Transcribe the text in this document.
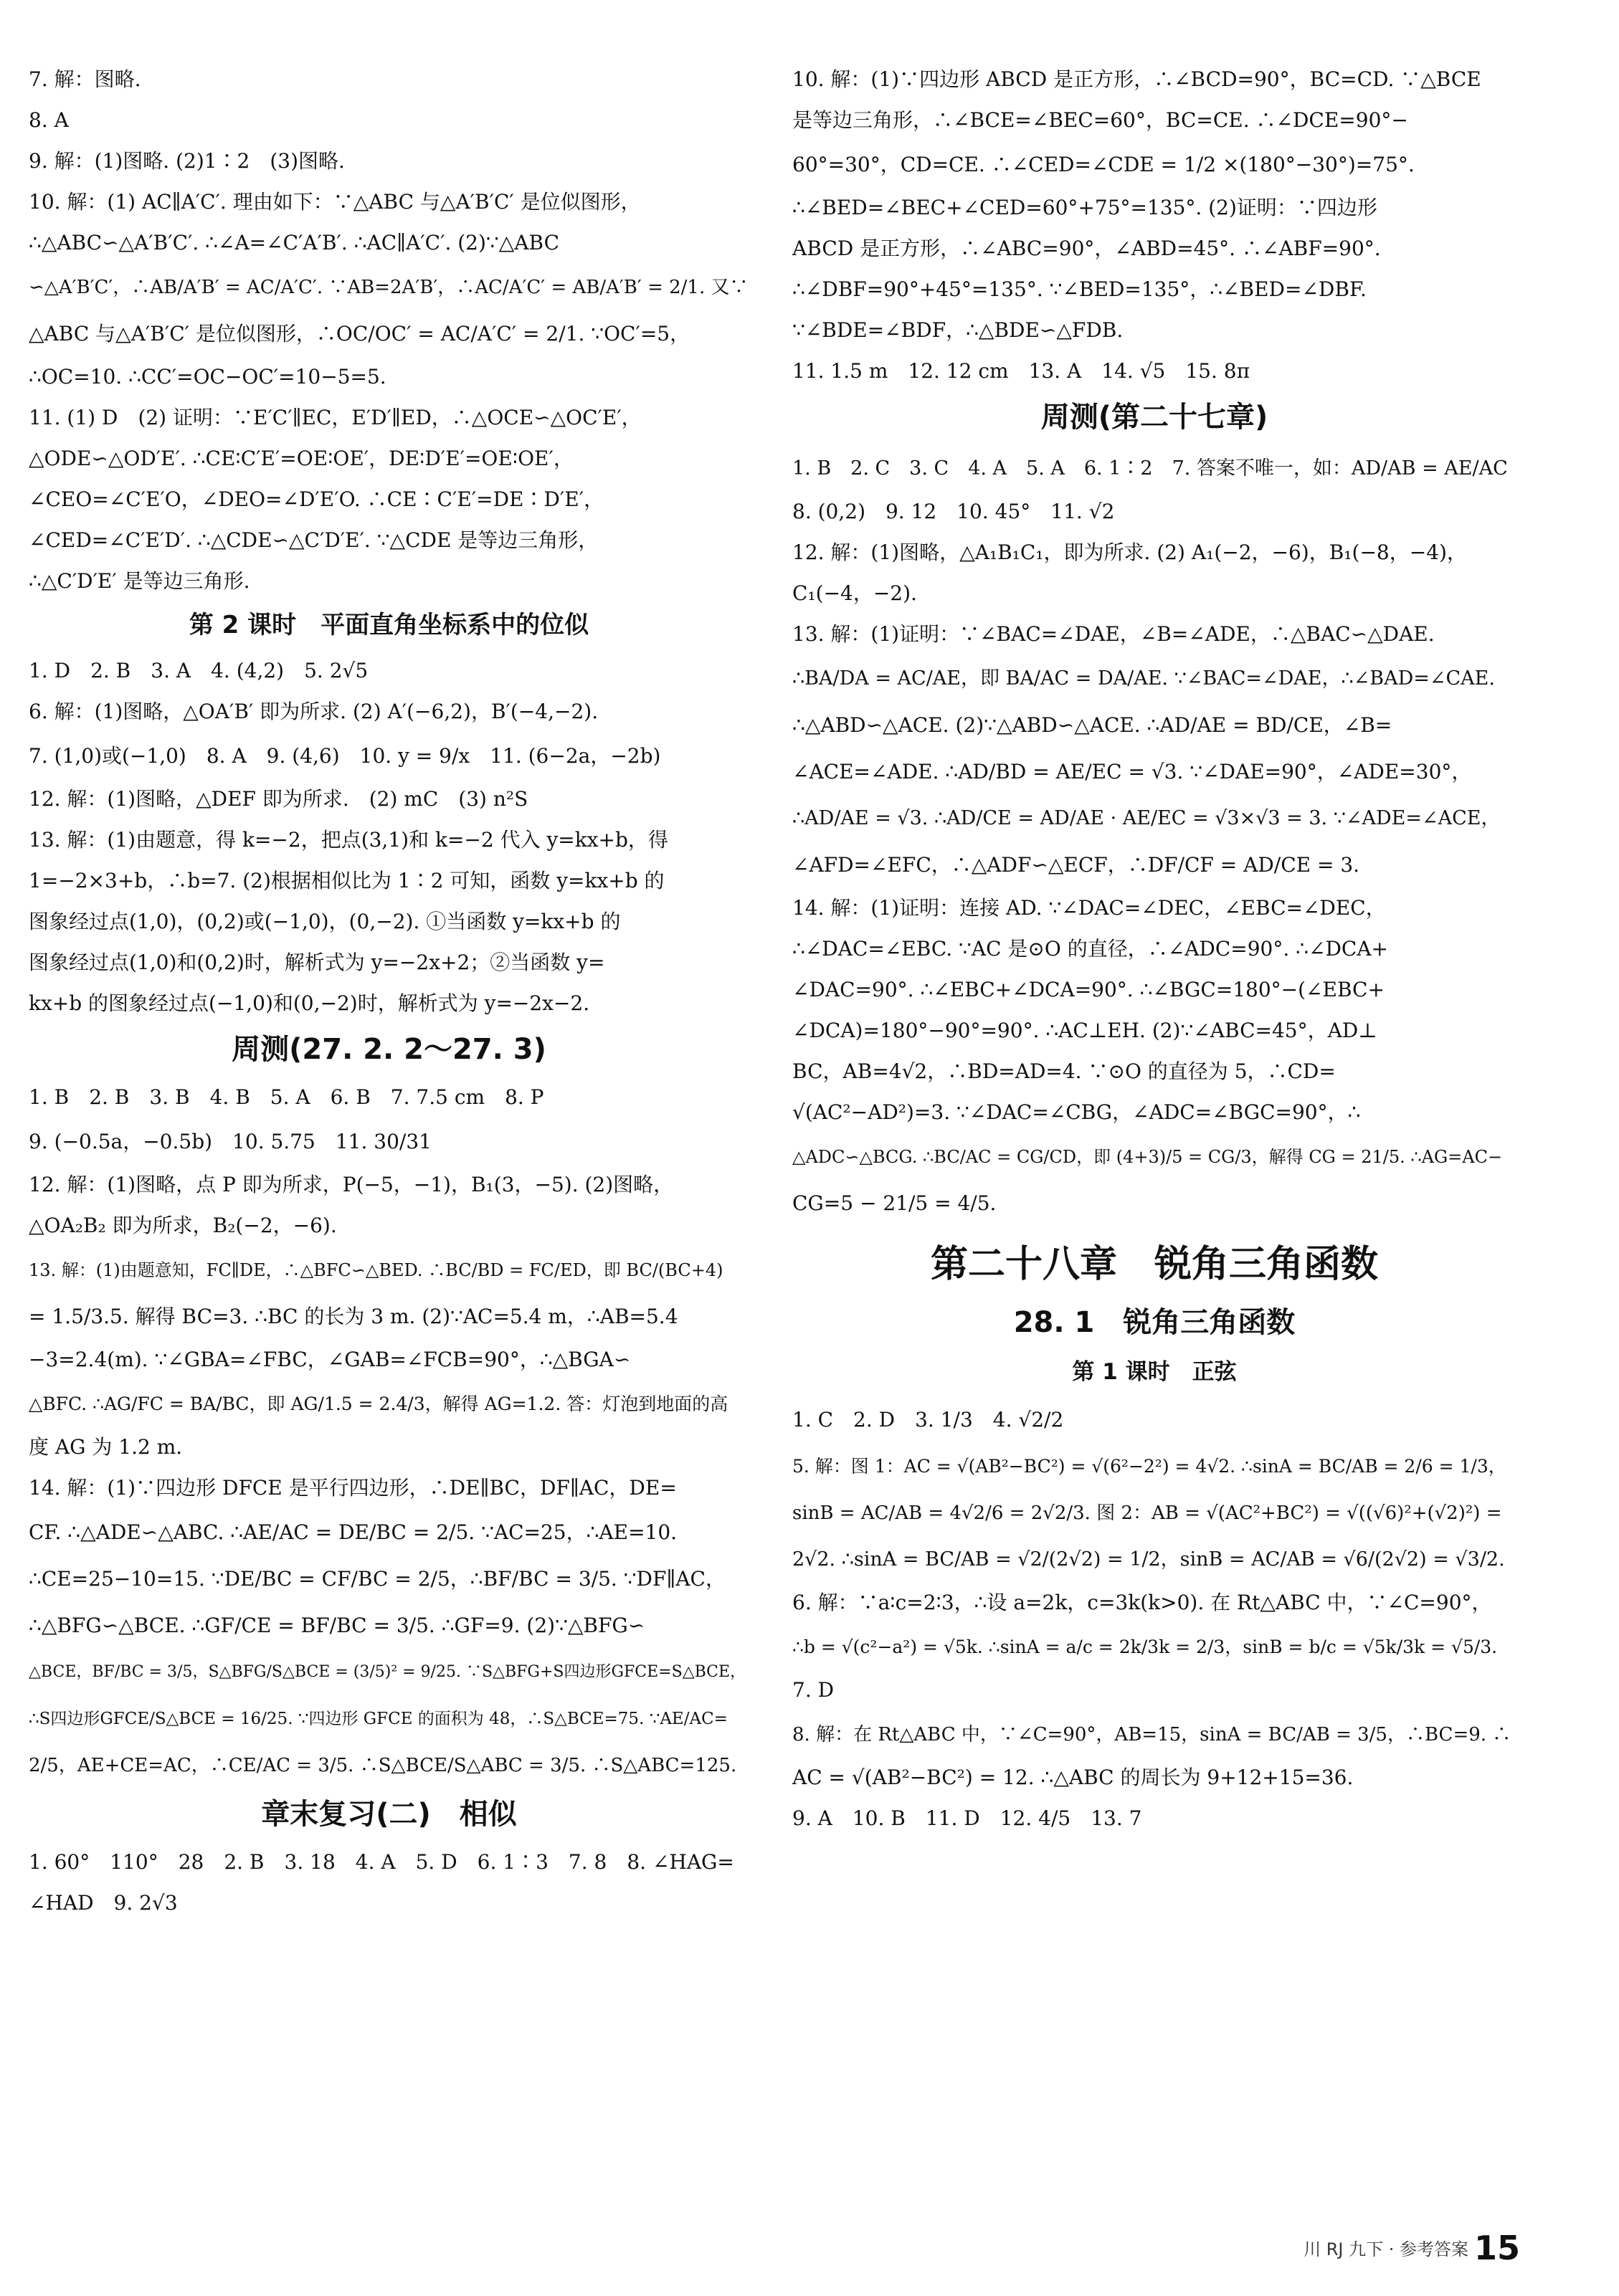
7. 解：图略.
8. A
9. 解：(1)图略. (2)1∶2　(3)图略.
10. 解：(1) AC∥A′C′. 理由如下：∵△ABC 与△A′B′C′ 是位似图形，
∴△ABC∽△A′B′C′. ∴∠A=∠C′A′B′. ∴AC∥A′C′. (2)∵△ABC
∽△A′B′C′，∴AB/A′B′ = AC/A′C′. ∵AB=2A′B′，∴AC/A′C′ = AB/A′B′ = 2/1. 又∵
△ABC 与△A′B′C′ 是位似图形，∴OC/OC′ = AC/A′C′ = 2/1. ∵OC′=5，
∴OC=10. ∴CC′=OC−OC′=10−5=5.
11. (1) D　(2) 证明：∵E′C′∥EC，E′D′∥ED，∴△OCE∽△OC′E′，
△ODE∽△OD′E′. ∴CE∶C′E′=OE∶OE′，DE∶D′E′=OE∶OE′，
∠CEO=∠C′E′O，∠DEO=∠D′E′O. ∴CE∶C′E′=DE∶D′E′，
∠CED=∠C′E′D′. ∴△CDE∽△C′D′E′. ∵△CDE 是等边三角形，
∴△C′D′E′ 是等边三角形.
第 2 课时　平面直角坐标系中的位似
1. D　2. B　3. A　4. (4,2)　5. 2√5
6. 解：(1)图略，△OA′B′ 即为所求. (2) A′(−6,2)，B′(−4,−2).
7. (1,0)或(−1,0)　8. A　9. (4,6)　10. y = 9/x　11. (6−2a，−2b)
12. 解：(1)图略，△DEF 即为所求.　(2) mC　(3) n²S
13. 解：(1)由题意，得 k=−2，把点(3,1)和 k=−2 代入 y=kx+b，得
1=−2×3+b，∴b=7. (2)根据相似比为 1∶2 可知，函数 y=kx+b 的
图象经过点(1,0)，(0,2)或(−1,0)，(0,−2). ①当函数 y=kx+b 的
图象经过点(1,0)和(0,2)时，解析式为 y=−2x+2；②当函数 y=
kx+b 的图象经过点(−1,0)和(0,−2)时，解析式为 y=−2x−2.
周测(27. 2. 2～27. 3)
1. B　2. B　3. B　4. B　5. A　6. B　7. 7.5 cm　8. P
9. (−0.5a，−0.5b)　10. 5.75　11. 30/31
12. 解：(1)图略，点 P 即为所求，P(−5，−1)，B₁(3，−5). (2)图略，
△OA₂B₂ 即为所求，B₂(−2，−6).
13. 解：(1)由题意知，FC∥DE，∴△BFC∽△BED. ∴BC/BD = FC/ED，即 BC/(BC+4)
= 1.5/3.5. 解得 BC=3. ∴BC 的长为 3 m. (2)∵AC=5.4 m，∴AB=5.4
−3=2.4(m). ∵∠GBA=∠FBC，∠GAB=∠FCB=90°，∴△BGA∽
△BFC. ∴AG/FC = BA/BC，即 AG/1.5 = 2.4/3，解得 AG=1.2. 答：灯泡到地面的高
度 AG 为 1.2 m.
14. 解：(1)∵四边形 DFCE 是平行四边形，∴DE∥BC，DF∥AC，DE=
CF. ∴△ADE∽△ABC. ∴AE/AC = DE/BC = 2/5. ∵AC=25，∴AE=10.
∴CE=25−10=15. ∵DE/BC = CF/BC = 2/5，∴BF/BC = 3/5. ∵DF∥AC，
∴△BFG∽△BCE. ∴GF/CE = BF/BC = 3/5. ∴GF=9. (2)∵△BFG∽
△BCE，BF/BC = 3/5，S△BFG/S△BCE = (3/5)² = 9/25. ∵S△BFG+S四边形GFCE=S△BCE，
∴S四边形GFCE/S△BCE = 16/25. ∵四边形 GFCE 的面积为 48，∴S△BCE=75. ∵AE/AC=
2/5，AE+CE=AC，∴CE/AC = 3/5. ∴S△BCE/S△ABC = 3/5. ∴S△ABC=125.
章末复习(二)　相似
1. 60°　110°　28　2. B　3. 18　4. A　5. D　6. 1∶3　7. 8　8. ∠HAG=
∠HAD　9. 2√3
10. 解：(1)∵四边形 ABCD 是正方形，∴∠BCD=90°，BC=CD. ∵△BCE
是等边三角形，∴∠BCE=∠BEC=60°，BC=CE. ∴∠DCE=90°−
60°=30°，CD=CE. ∴∠CED=∠CDE = 1/2 ×(180°−30°)=75°.
∴∠BED=∠BEC+∠CED=60°+75°=135°. (2)证明：∵四边形
ABCD 是正方形，∴∠ABC=90°，∠ABD=45°. ∴∠ABF=90°.
∴∠DBF=90°+45°=135°. ∵∠BED=135°，∴∠BED=∠DBF.
∵∠BDE=∠BDF，∴△BDE∽△FDB.
11. 1.5 m　12. 12 cm　13. A　14. √5　15. 8π
周测(第二十七章)
1. B　2. C　3. C　4. A　5. A　6. 1∶2　7. 答案不唯一，如：AD/AB = AE/AC
8. (0,2)　9. 12　10. 45°　11. √2
12. 解：(1)图略，△A₁B₁C₁，即为所求. (2) A₁(−2，−6)，B₁(−8，−4)，
C₁(−4，−2).
13. 解：(1)证明：∵∠BAC=∠DAE，∠B=∠ADE，∴△BAC∽△DAE.
∴BA/DA = AC/AE，即 BA/AC = DA/AE. ∵∠BAC=∠DAE，∴∠BAD=∠CAE.
∴△ABD∽△ACE. (2)∵△ABD∽△ACE. ∴AD/AE = BD/CE，∠B=
∠ACE=∠ADE. ∴AD/BD = AE/EC = √3. ∵∠DAE=90°，∠ADE=30°，
∴AD/AE = √3. ∴AD/CE = AD/AE · AE/EC = √3×√3 = 3. ∵∠ADE=∠ACE，
∠AFD=∠EFC，∴△ADF∽△ECF，∴DF/CF = AD/CE = 3.
14. 解：(1)证明：连接 AD. ∵∠DAC=∠DEC，∠EBC=∠DEC，
∴∠DAC=∠EBC. ∵AC 是⊙O 的直径，∴∠ADC=90°. ∴∠DCA+
∠DAC=90°. ∴∠EBC+∠DCA=90°. ∴∠BGC=180°−(∠EBC+
∠DCA)=180°−90°=90°. ∴AC⊥EH. (2)∵∠ABC=45°，AD⊥
BC，AB=4√2，∴BD=AD=4. ∵⊙O 的直径为 5，∴CD=
√(AC²−AD²)=3. ∵∠DAC=∠CBG，∠ADC=∠BGC=90°，∴
△ADC∽△BCG. ∴BC/AC = CG/CD，即 (4+3)/5 = CG/3，解得 CG = 21/5. ∴AG=AC−
CG=5 − 21/5 = 4/5.
第二十八章　锐角三角函数
28. 1　锐角三角函数
第 1 课时　正弦
1. C　2. D　3. 1/3　4. √2/2
5. 解：图 1：AC = √(AB²−BC²) = √(6²−2²) = 4√2. ∴sinA = BC/AB = 2/6 = 1/3，
sinB = AC/AB = 4√2/6 = 2√2/3. 图 2：AB = √(AC²+BC²) = √((√6)²+(√2)²) =
2√2. ∴sinA = BC/AB = √2/(2√2) = 1/2，sinB = AC/AB = √6/(2√2) = √3/2.
6. 解：∵a∶c=2∶3，∴设 a=2k，c=3k(k>0). 在 Rt△ABC 中，∵∠C=90°，
∴b = √(c²−a²) = √5k. ∴sinA = a/c = 2k/3k = 2/3，sinB = b/c = √5k/3k = √5/3.
7. D
8. 解：在 Rt△ABC 中，∵∠C=90°，AB=15，sinA = BC/AB = 3/5，∴BC=9. ∴
AC = √(AB²−BC²) = 12. ∴△ABC 的周长为 9+12+15=36.
9. A　10. B　11. D　12. 4/5　13. 7
川 RJ 九下 · 参考答案 15
